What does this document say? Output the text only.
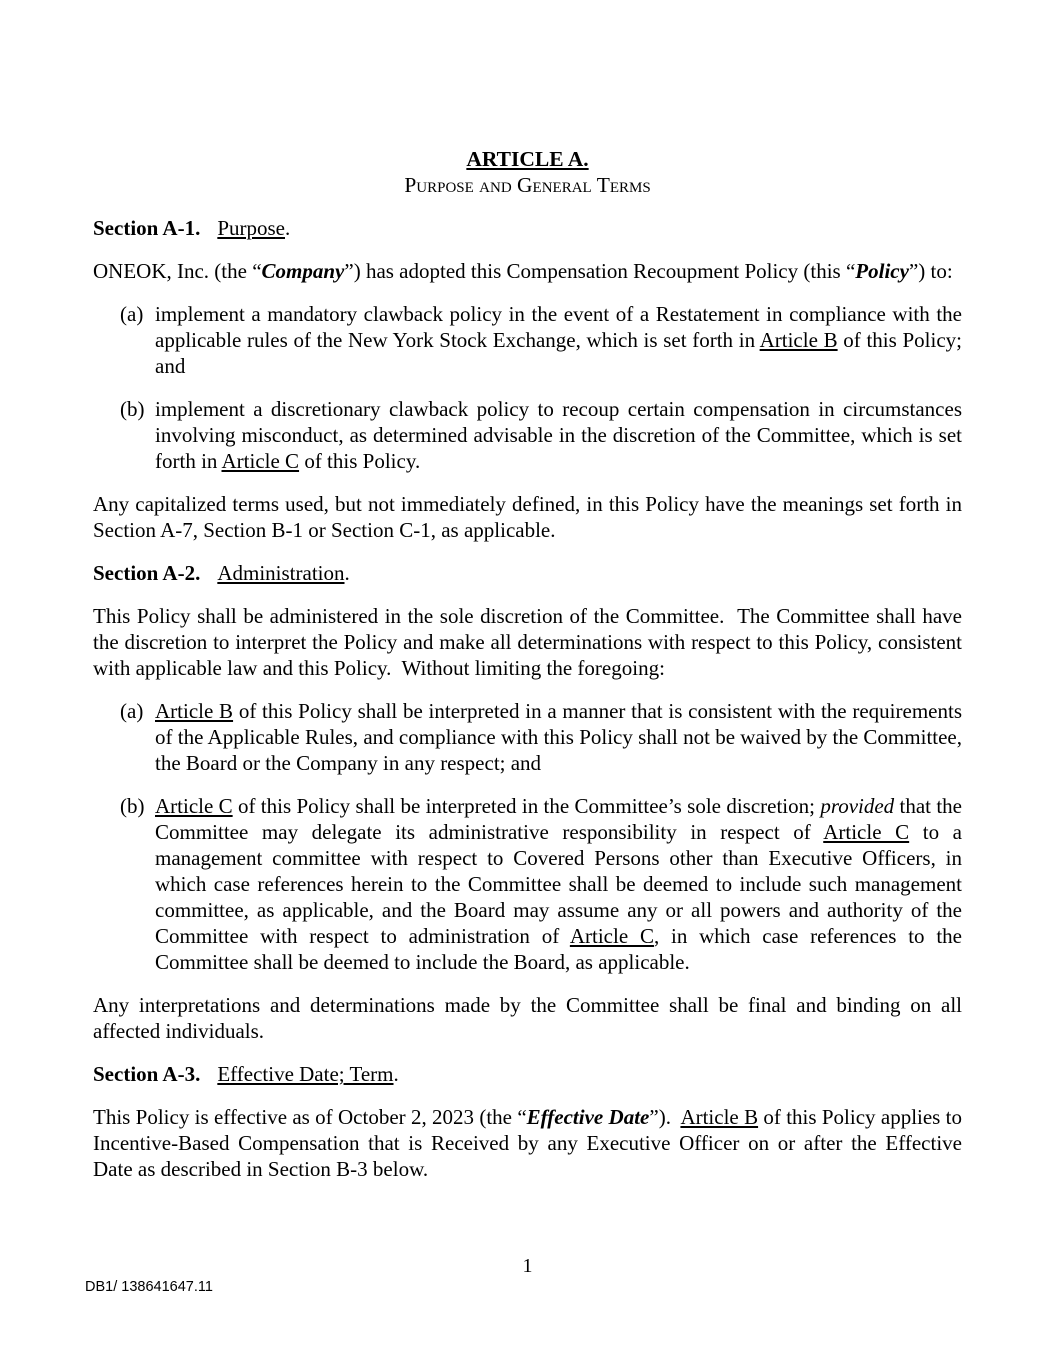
ARTICLE A.
Purpose and General Terms

Section A-1. Purpose.

ONEOK, Inc. (the “Company”) has adopted this Compensation Recoupment Policy (this “Policy”) to:

(a) implement a mandatory clawback policy in the event of a Restatement in compliance with the applicable rules of the New York Stock Exchange, which is set forth in Article B of this Policy; and
(b) implement a discretionary clawback policy to recoup certain compensation in circumstances involving misconduct, as determined advisable in the discretion of the Committee, which is set forth in Article C of this Policy.

Any capitalized terms used, but not immediately defined, in this Policy have the meanings set forth in Section A-7, Section B-1 or Section C-1, as applicable.

Section A-2. Administration.

This Policy shall be administered in the sole discretion of the Committee.  The Committee shall have the discretion to interpret the Policy and make all determinations with respect to this Policy, consistent with applicable law and this Policy.  Without limiting the foregoing:

(a) Article B of this Policy shall be interpreted in a manner that is consistent with the requirements of the Applicable Rules, and compliance with this Policy shall not be waived by the Committee, the Board or the Company in any respect; and
(b) Article C of this Policy shall be interpreted in the Committee’s sole discretion; provided that the Committee may delegate its administrative responsibility in respect of Article C to a management committee with respect to Covered Persons other than Executive Officers, in which case references herein to the Committee shall be deemed to include such management committee, as applicable, and the Board may assume any or all powers and authority of the Committee with respect to administration of Article C, in which case references to the Committee shall be deemed to include the Board, as applicable.

Any interpretations and determinations made by the Committee shall be final and binding on all affected individuals.

Section A-3. Effective Date; Term.

This Policy is effective as of October 2, 2023 (the “Effective Date”).  Article B of this Policy applies to Incentive-Based Compensation that is Received by any Executive Officer on or after the Effective Date as described in Section B-3 below.

1
DB1/ 138641647.11
